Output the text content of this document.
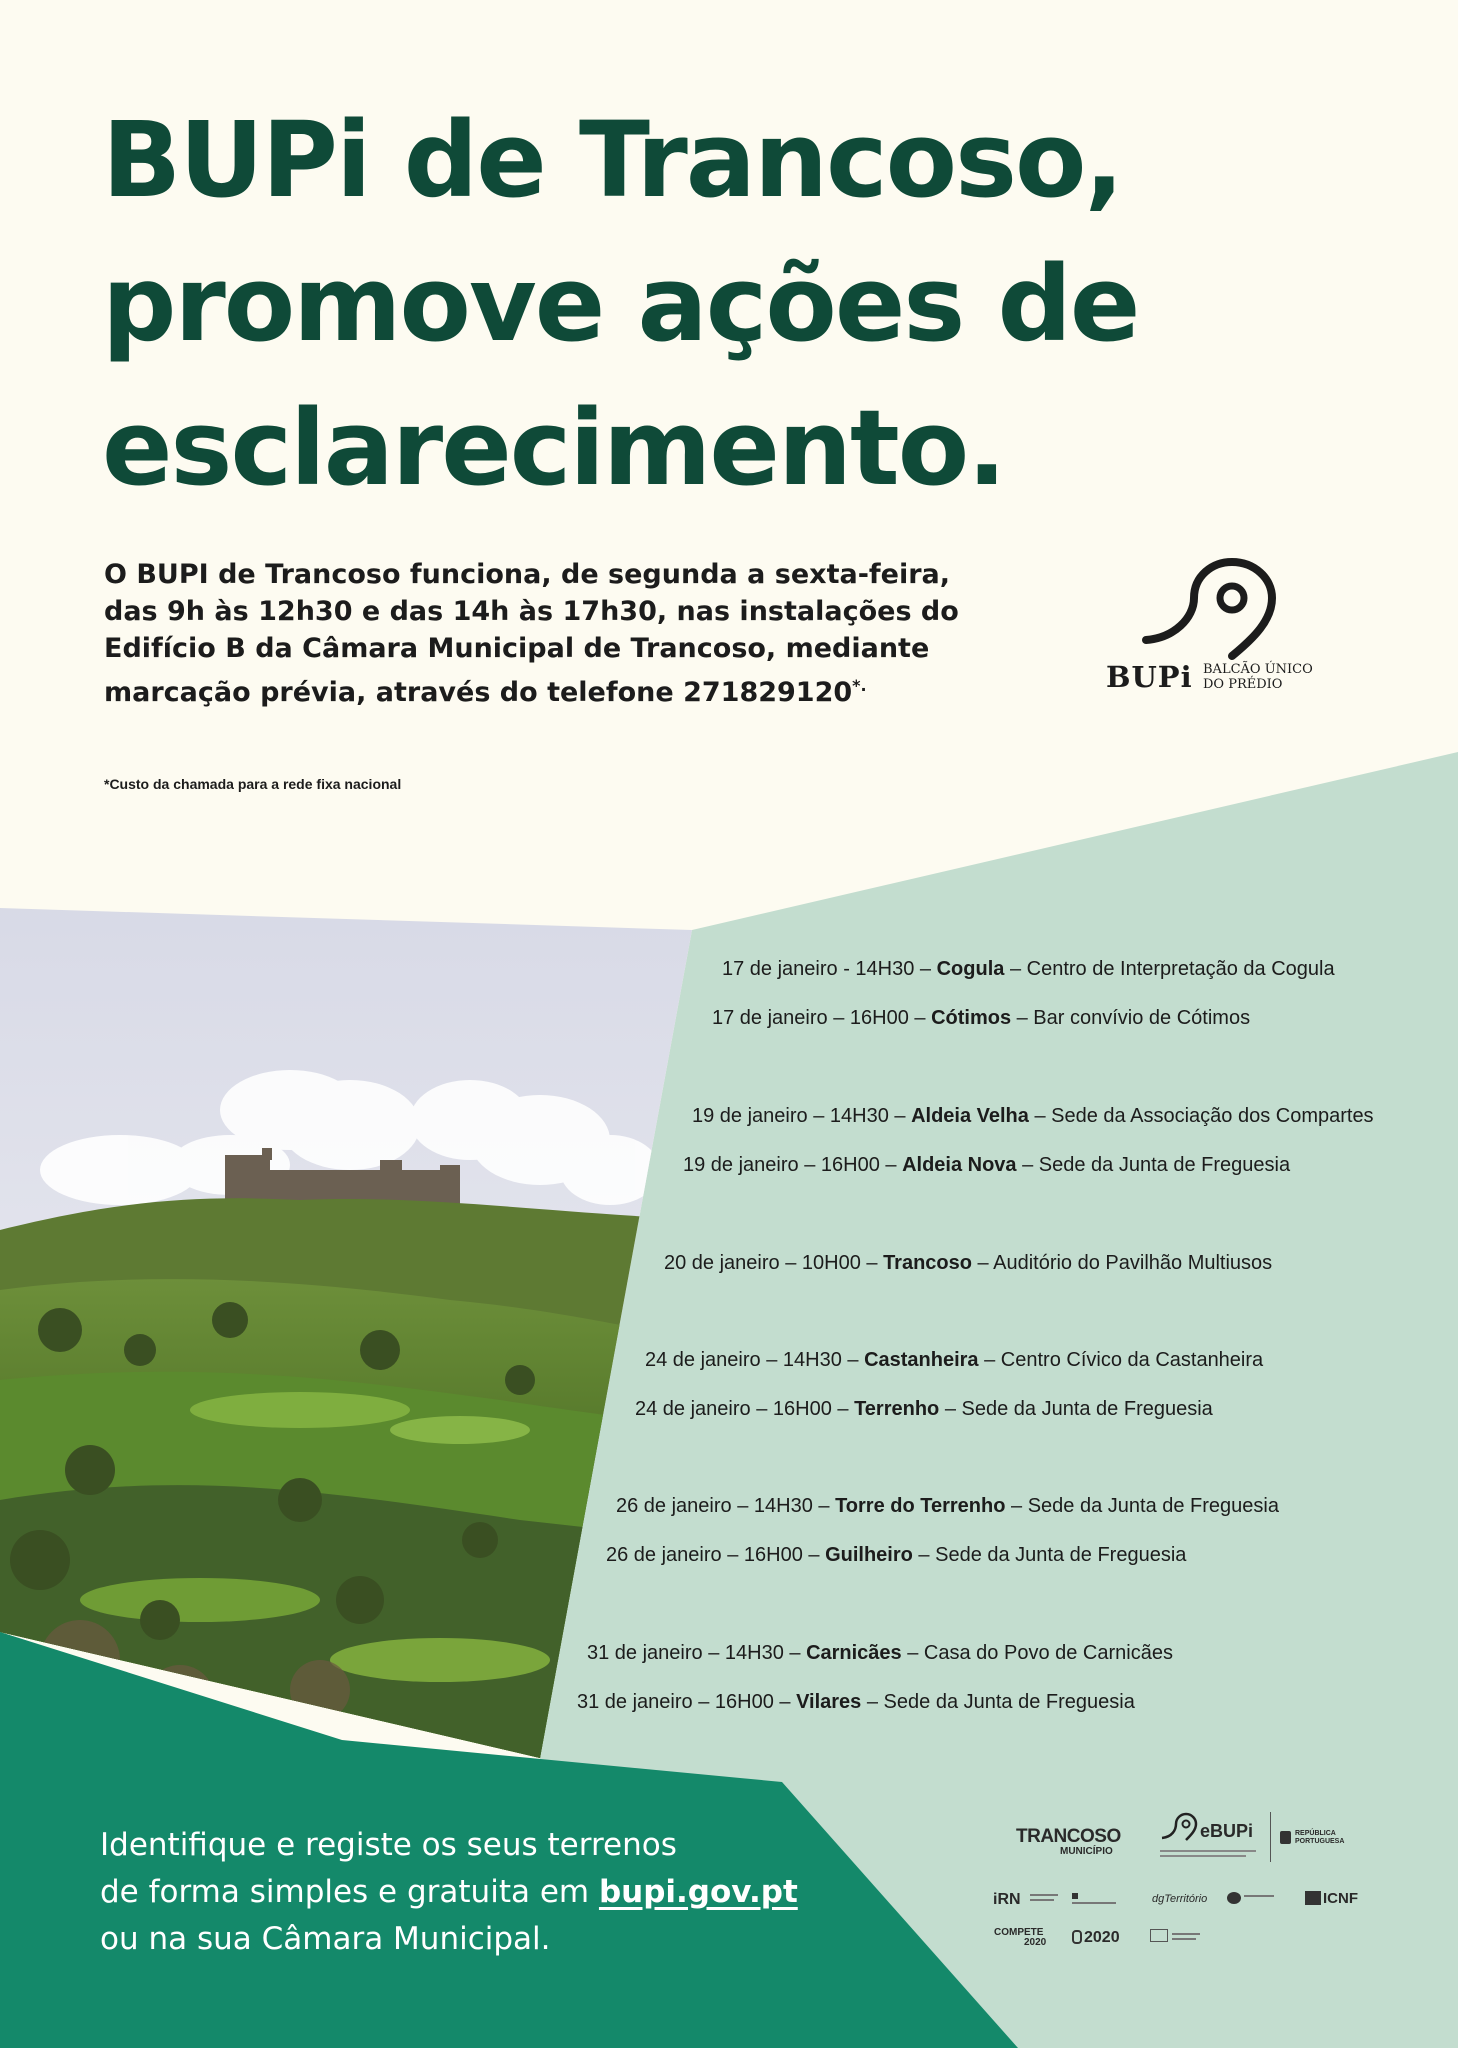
BUPi de Trancoso,
promove ações de
esclarecimento.

O BUPI de Trancoso funciona, de segunda a sexta-feira,
das 9h às 12h30 e das 14h às 17h30, nas instalações do
Edifício B da Câmara Municipal de Trancoso, mediante
marcação prévia, através do telefone 271829120*.

*Custo da chamada para a rede fixa nacional
BUPi BALCÃO ÚNICO
DO PRÉDIO
17 de janeiro - 14H30 – Cogula – Centro de Interpretação da Cogula
17 de janeiro – 16H00 – Cótimos – Bar convívio de Cótimos
19 de janeiro – 14H30 – Aldeia Velha – Sede da Associação dos Compartes
19 de janeiro – 16H00 – Aldeia Nova – Sede da Junta de Freguesia
20 de janeiro – 10H00 – Trancoso – Auditório do Pavilhão Multiusos
24 de janeiro – 14H30 – Castanheira – Centro Cívico da Castanheira
24 de janeiro – 16H00 – Terrenho – Sede da Junta de Freguesia
26 de janeiro – 14H30 – Torre do Terrenho – Sede da Junta de Freguesia
26 de janeiro – 16H00 – Guilheiro – Sede da Junta de Freguesia
31 de janeiro – 14H30 – Carnicães – Casa do Povo de Carnicães
31 de janeiro – 16H00 – Vilares – Sede da Junta de Freguesia
Identifique e registe os seus terrenos
de forma simples e gratuita em bupi.gov.pt
ou na sua Câmara Municipal.
TRANCOSO
MUNICÍPIO
eBUPi	REPÚBLICA
PORTUGUESA
iRN	dgTerritório	ICNF
COMPETE
2020 2020
